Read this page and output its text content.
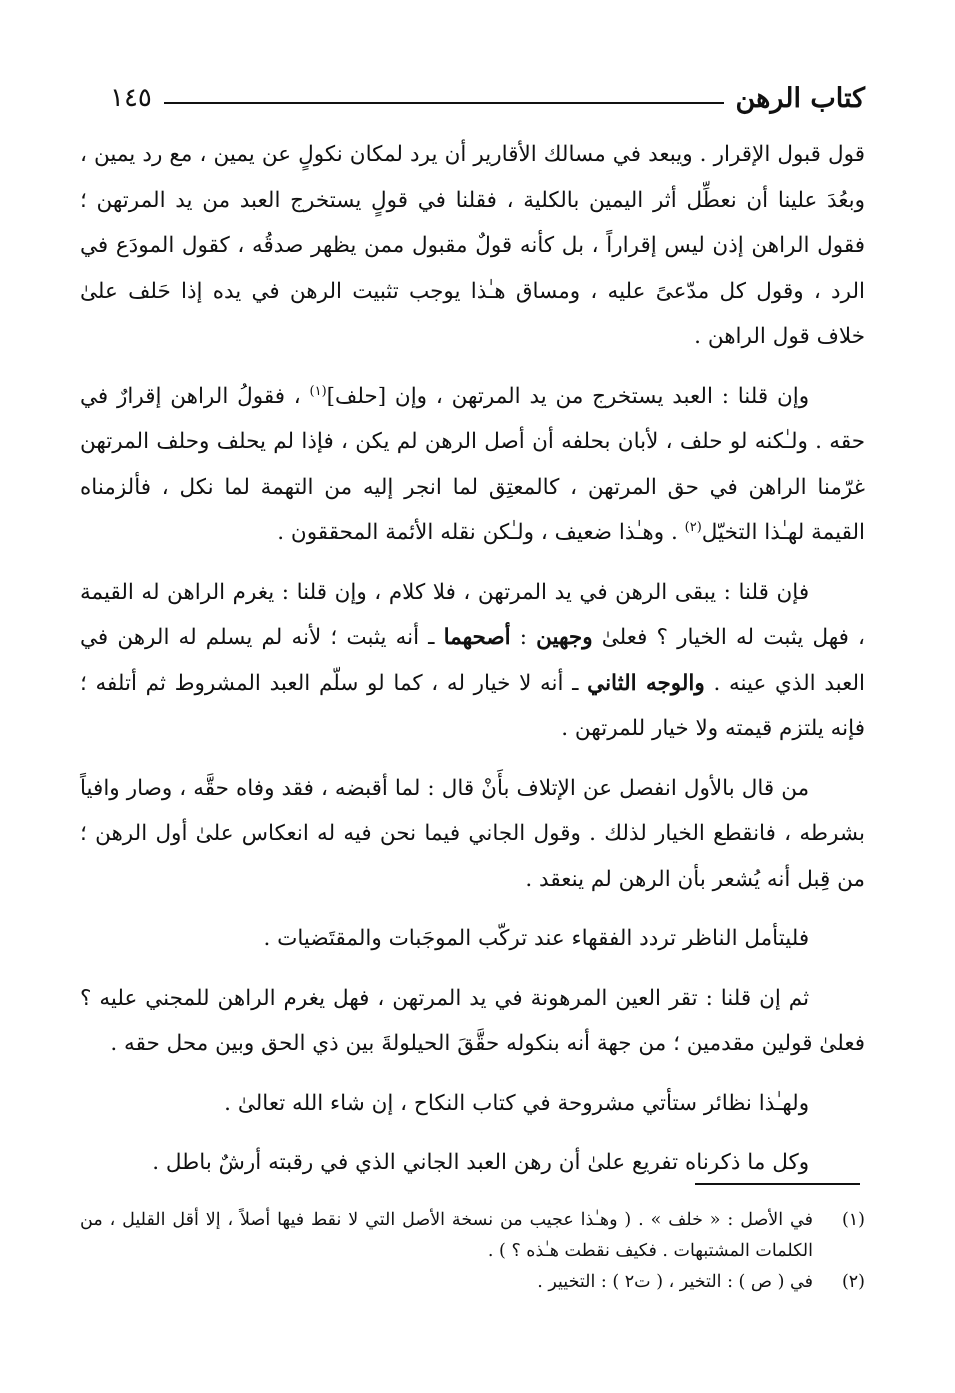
كتاب الرهن
١٤٥

قول قبول الإقرار . ويبعد في مسالك الأقارير أن يرد لمكان نكولٍ عن يمين ، مع رد يمين ، وبعُدَ علينا أن نعطِّل أثر اليمين بالكلية ، فقلنا في قولٍ يستخرج العبد من يد المرتهن ؛ فقول الراهن إذن ليس إقراراً ، بل كأنه قولٌ مقبول ممن يظهر صدقُه ، كقول المودَع في الرد ، وقول كل مدّعىً عليه ، ومساق هـٰذا يوجب تثبيت الرهن في يده إذا حَلف علىٰ خلاف قول الراهن .

وإن قلنا : العبد يستخرج من يد المرتهن ، وإن [حلف]$^{(١)}$ ، فقولُ الراهن إقرارٌ في حقه . ولـٰكنه لو حلف ، لأبان بحلفه أن أصل الرهن لم يكن ، فإذا لم يحلف وحلف المرتهن غرّمنا الراهن في حق المرتهن ، كالمعتِق لما انجر إليه من التهمة لما نكل ، فألزمناه القيمة لهـٰذا التخيّل$^{(٢)}$ . وهـٰذا ضعيف ، ولـٰكن نقله الأئمة المحققون .

فإن قلنا : يبقى الرهن في يد المرتهن ، فلا كلام ، وإن قلنا : يغرم الراهن له القيمة ، فهل يثبت له الخيار ؟ فعلىٰ وجهين : أصحهما ـ أنه يثبت ؛ لأنه لم يسلم له الرهن في العبد الذي عينه . والوجه الثاني ـ أنه لا خيار له ، كما لو سلّم العبد المشروط ثم أتلفه ؛ فإنه يلتزم قيمته ولا خيار للمرتهن .

من قال بالأول انفصل عن الإتلاف بأَنْ قال : لما أقبضه ، فقد وفاه حقَّه ، وصار وافياً بشرطه ، فانقطع الخيار لذلك . وقول الجاني فيما نحن فيه له انعكاس علىٰ أول الرهن ؛ من قِبل أنه يُشعر بأن الرهن لم ينعقد .

فليتأمل الناظر تردد الفقهاء عند تركّب الموجَبات والمقتَضيات .

ثم إن قلنا : تقر العين المرهونة في يد المرتهن ، فهل يغرم الراهن للمجني عليه ؟ فعلىٰ قولين مقدمين ؛ من جهة أنه بنكوله حقَّقَ الحيلولةَ بين ذي الحق وبين محل حقه .

ولهـٰذا نظائر ستأتي مشروحة في كتاب النكاح ، إن شاء الله تعالىٰ .

وكل ما ذكرناه تفريع علىٰ أن رهن العبد الجاني الذي في رقبته أرشٌ باطل .

(١)
في الأصل : « خلف » . ( وهـٰذا عجيب من نسخة الأصل التي لا نقط فيها أصلاً ، إلا أقل القليل ، من الكلمات المشتبهات . فكيف نقطت هـٰذه ؟ ) .

(٢)
في ( ص ) : التخير ، ( ت٢ ) : التخيير .
